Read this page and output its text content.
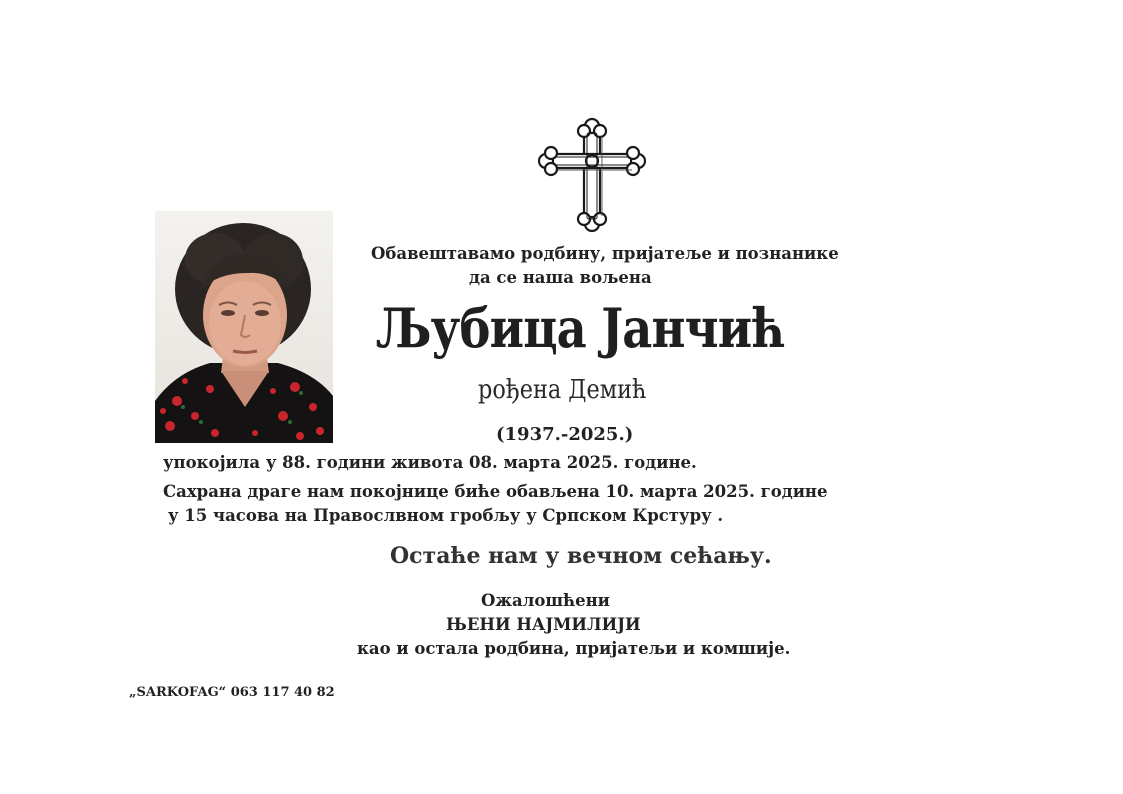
Обавештавамо родбину, пријатеље и познанике
да се наша вољена
Љубица Јанчић
рођена Демић
(1937.-2025.)
упокојила у 88. години живота 08. марта 2025. године.
Сахрана драге нам покојнице биће обављена 10. марта 2025. године
у 15 часова на Правослвном гробљу у Српском Крстуру .
Остаће нам у вечном сећању.
Ожалошћени
ЊЕНИ НАЈМИЛИЈИ
као и остала родбина, пријатељи и комшије.
„SARKOFAG“ 063 117 40 82
